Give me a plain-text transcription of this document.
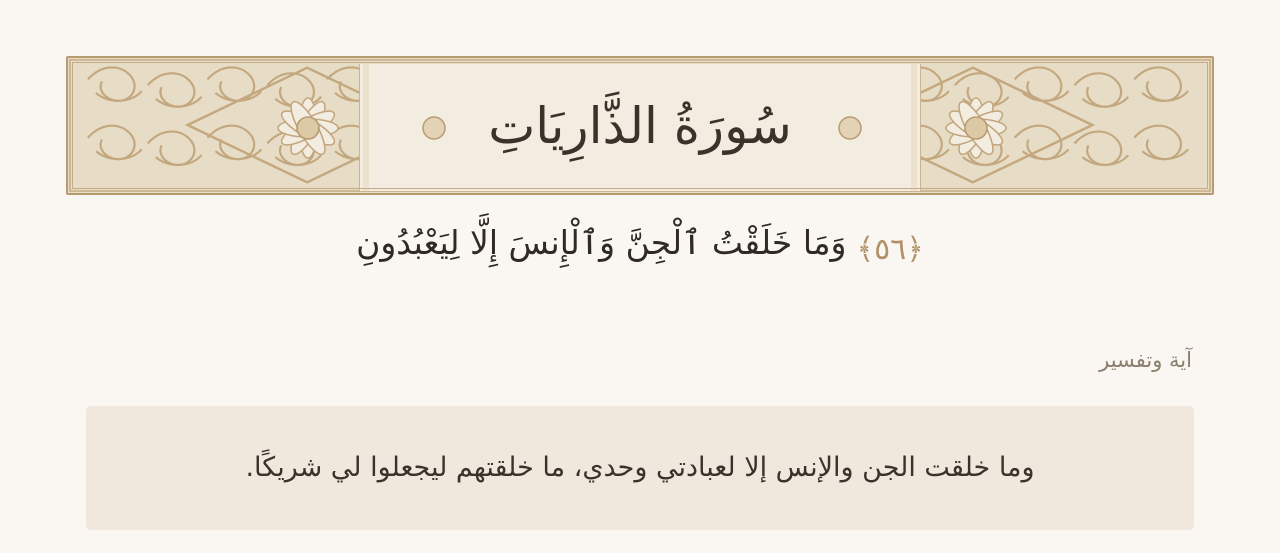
سُورَةُ الذَّارِيَاتِ
﴿٥٦﴾وَمَا خَلَقْتُ ٱلْجِنَّ وَٱلْإِنسَ إِلَّا لِيَعْبُدُونِ
آية وتفسير
وما خلقت الجن والإنس إلا لعبادتي وحدي، ما خلقتهم ليجعلوا لي شريكًا.
